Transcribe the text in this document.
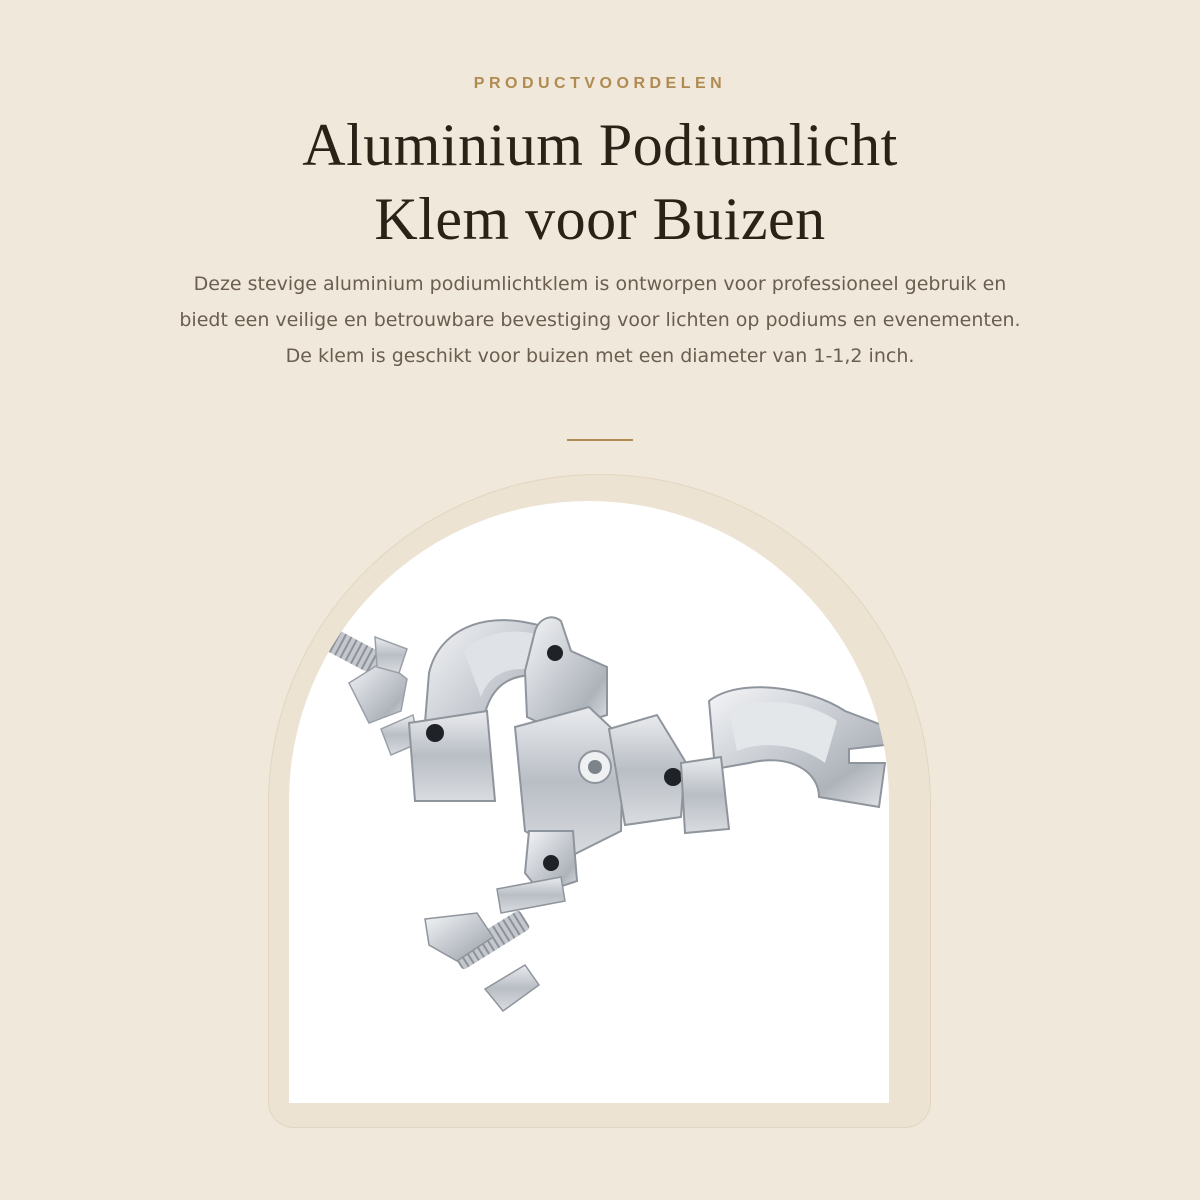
PRODUCTVOORDELEN
Aluminium Podiumlicht
Klem voor Buizen

Deze stevige aluminium podiumlichtklem is ontworpen voor professioneel gebruik en biedt een veilige en betrouwbare bevestiging voor lichten op podiums en evenementen. De klem is geschikt voor buizen met een diameter van 1-1,2 inch.
